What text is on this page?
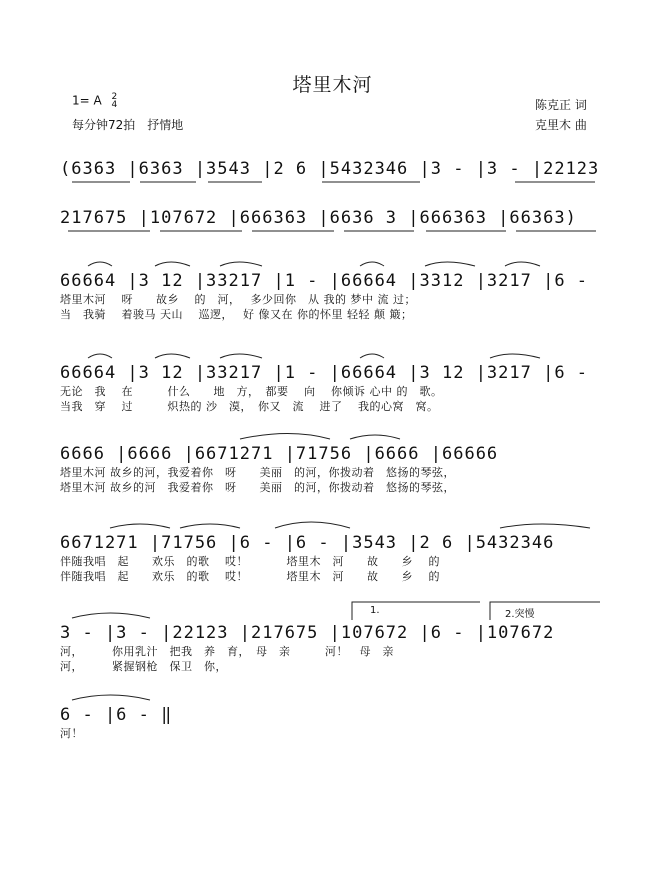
塔里木河
1= A 2
4
每分钟72拍　抒情地
陈克正 词
克里木 曲
(6363 |6363 |3543 |2 6 |5432346 |3 - |3 - |22123
217675 |107672 |666363 |6636 3 |666363 |66363)
66664 |3 12 |33217 |1 - |66664 |3312 |3217 |6 -
塔里木河　 呀　　故乡　 的　河，　 多少回你　从 我的 梦中 流 过；
当　我骑　 着骏马 天山　 巡逻，　 好 像又在 你的怀里 轻轻 颠 簸；
66664 |3 12 |33217 |1 - |66664 |3 12 |3217 |6 -
无论　我　 在　　　什么　　地　方，　都要　 向　 你倾诉 心中 的　歌。
当我　穿　 过　　　炽热的 沙　漠，　你又　流　 进了　 我的心窝　窝。
6666 |6666 |6671271 |71756 |6666 |66666
塔里木河 故乡的河，我爱着你　呀　　美丽　的河，你拨动着　悠扬的琴弦，
塔里木河 故乡的河　我爱着你　呀　　美丽　的河，你拨动着　悠扬的琴弦，
6671271 |71756 |6 - |6 - |3543 |2 6 |5432346
伴随我唱　起　　欢乐　的歌　 哎！　　　 塔里木　河　　故　　乡　 的
伴随我唱　起　　欢乐　的歌　 哎！　　　 塔里木　河　　故　　乡　 的
3 - |3 - |22123 |217675 |107672 |6 - |107672
河，　　　你用乳汁　把我　养　育，　母　亲　　　河！　母　亲
河，　　　紧握钢枪　保卫　你，
1.	2.突慢
6 - |6 - ‖
河！
